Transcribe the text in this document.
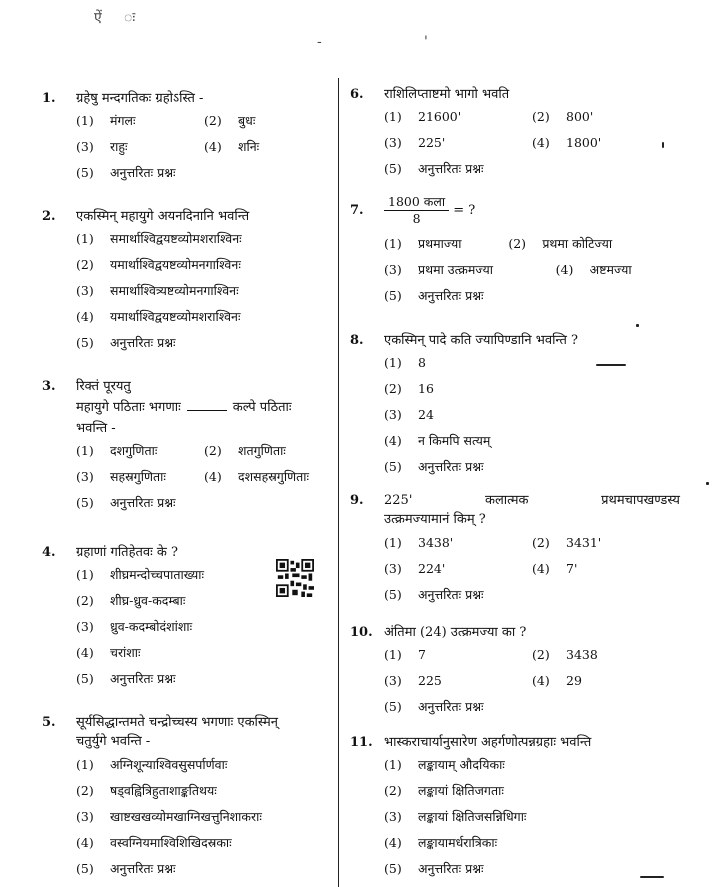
ऐं ः
-	'
1.	ग्रहेषु मन्दगतिकः ग्रहोऽस्ति -
(1)	मंगलः	(2)	बुधः
(3)	राहुः	(4)	शनिः
(5)	अनुत्तरितः प्रश्नः
2.	एकस्मिन् महायुगे अयनदिनानि भवन्ति
(1)	समार्थाश्विद्वयष्टव्योमशराश्विनः
(2)	यमार्थाश्विद्वयष्टव्योमनगाश्विनः
(3)	समार्थाश्वित्र्यष्टव्योमनगाश्विनः
(4)	यमार्थाश्विद्वयष्टव्योमशराश्विनः
(5)	अनुत्तरितः प्रश्नः
3.	रिक्तं पूरयतु
महायुगे पठिताः भगणाः	कल्पे पठिताः
भवन्ति -
(1)	दशगुणिताः	(2)	शतगुणिताः
(3)	सहस्रगुणिताः	(4)	दशसहस्रगुणिताः
(5)	अनुत्तरितः प्रश्नः
4.	ग्रहाणां गतिहेतवः के ?
(1)	शीघ्रमन्दोच्चपाताख्याः
(2)	शीघ्र-ध्रुव-कदम्बाः
(3)	ध्रुव-कदम्बोदंशांशाः
(4)	चरांशाः
(5)	अनुत्तरितः प्रश्नः
5.	सूर्यसिद्धान्तमते चन्द्रोच्चस्य भगणाः एकस्मिन्
चतुर्युगे भवन्ति -
(1)	अग्निशून्याश्विवसुसर्पार्णवाः
(2)	षड्वह्वित्रिहुताशाङ्कतिथयः
(3)	खाष्टखखव्योमखाग्निखत्तुनिशाकराः
(4)	वस्वग्नियमाश्विशिखिदस्रकाः
(5)	अनुत्तरितः प्रश्नः
6.	राशिलिप्ताष्टमो भागो भवति
(1)	21600'	(2)	800'
(3)	225'	(4)	1800'
(5)	अनुत्तरितः प्रश्नः
7.	$\frac{\text{1800 कला}}{8}$ = ?
(1)	प्रथमाज्या	(2)	प्रथमा कोटिज्या
(3)	प्रथमा उत्क्रमज्या	(4)	अष्टमज्या
(5)	अनुत्तरितः प्रश्नः
8.	एकस्मिन् पादे कति ज्यापिण्डानि भवन्ति ?
(1)	8
(2)	16
(3)	24
(4)	न किमपि सत्यम्
(5)	अनुत्तरितः प्रश्नः
9.	225'	कलात्मक	प्रथमचापखण्डस्य
उत्क्रमज्यामानं किम् ?
(1)	3438'	(2)	3431'
(3)	224'	(4)	7'
(5)	अनुत्तरितः प्रश्नः
10. अंतिमा (24) उत्क्रमज्या का ?
(1)	7	(2)	3438
(3)	225	(4)	29
(5)	अनुत्तरितः प्रश्नः
11. भास्कराचार्यानुसारेण अहर्गणोत्पन्नग्रहाः भवन्ति
(1)	लङ्कायाम् औदयिकाः
(2)	लङ्कायां क्षितिजगताः
(3)	लङ्कायां क्षितिजसन्निधिगाः
(4)	लङ्कायामर्धरात्रिकाः
(5)	अनुत्तरितः प्रश्नः
